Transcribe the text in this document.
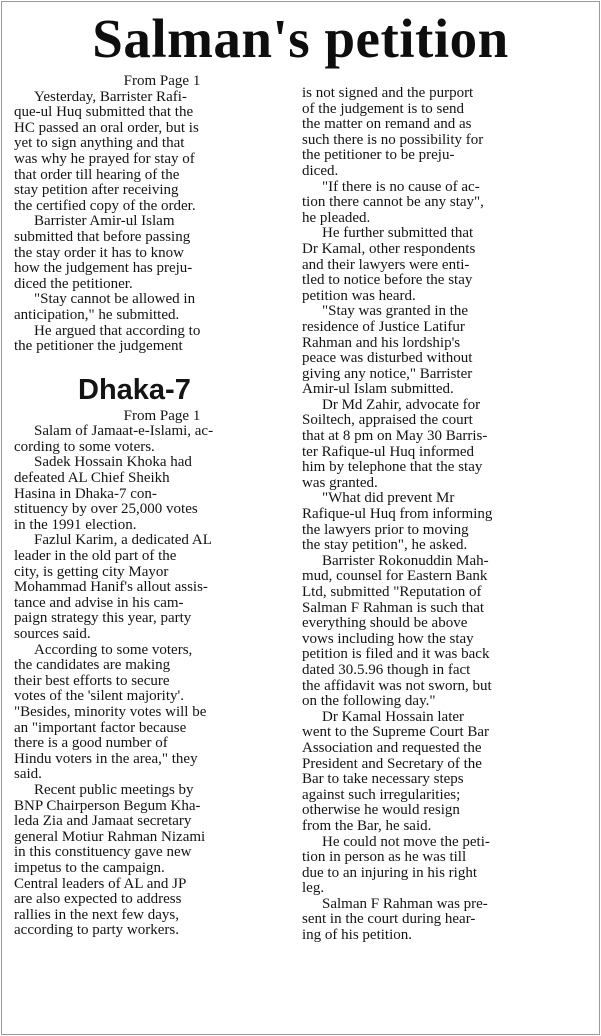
Salman's petition

From Page 1

Yesterday, Barrister Rafi-

que-ul Huq submitted that the

HC passed an oral order, but is

yet to sign anything and that

was why he prayed for stay of

that order till hearing of the

stay petition after receiving

the certified copy of the order.

Barrister Amir-ul Islam

submitted that before passing

the stay order it has to know

how the judgement has preju-

diced the petitioner.

"Stay cannot be allowed in

anticipation," he submitted.

He argued that according to

the petitioner the judgement

Dhaka-7

From Page 1

Salam of Jamaat-e-Islami, ac-

cording to some voters.

Sadek Hossain Khoka had

defeated AL Chief Sheikh

Hasina in Dhaka-7 con-

stituency by over 25,000 votes

in the 1991 election.

Fazlul Karim, a dedicated AL

leader in the old part of the

city, is getting city Mayor

Mohammad Hanif's allout assis-

tance and advise in his cam-

paign strategy this year, party

sources said.

According to some voters,

the candidates are making

their best efforts to secure

votes of the 'silent majority'.

"Besides, minority votes will be

an "important factor because

there is a good number of

Hindu voters in the area," they

said.

Recent public meetings by

BNP Chairperson Begum Kha-

leda Zia and Jamaat secretary

general Motiur Rahman Nizami

in this constituency gave new

impetus to the campaign.

Central leaders of AL and JP

are also expected to address

rallies in the next few days,

according to party workers.

is not signed and the purport

of the judgement is to send

the matter on remand and as

such there is no possibility for

the petitioner to be preju-

diced.

"If there is no cause of ac-

tion there cannot be any stay",

he pleaded.

He further submitted that

Dr Kamal, other respondents

and their lawyers were enti-

tled to notice before the stay

petition was heard.

"Stay was granted in the

residence of Justice Latifur

Rahman and his lordship's

peace was disturbed without

giving any notice," Barrister

Amir-ul Islam submitted.

Dr Md Zahir, advocate for

Soiltech, appraised the court

that at 8 pm on May 30 Barris-

ter Rafique-ul Huq informed

him by telephone that the stay

was granted.

"What did prevent Mr

Rafique-ul Huq from informing

the lawyers prior to moving

the stay petition", he asked.

Barrister Rokonuddin Mah-

mud, counsel for Eastern Bank

Ltd, submitted "Reputation of

Salman F Rahman is such that

everything should be above

vows including how the stay

petition is filed and it was back

dated 30.5.96 though in fact

the affidavit was not sworn, but

on the following day."

Dr Kamal Hossain later

went to the Supreme Court Bar

Association and requested the

President and Secretary of the

Bar to take necessary steps

against such irregularities;

otherwise he would resign

from the Bar, he said.

He could not move the peti-

tion in person as he was till

due to an injuring in his right

leg.

Salman F Rahman was pre-

sent in the court during hear-

ing of his petition.
